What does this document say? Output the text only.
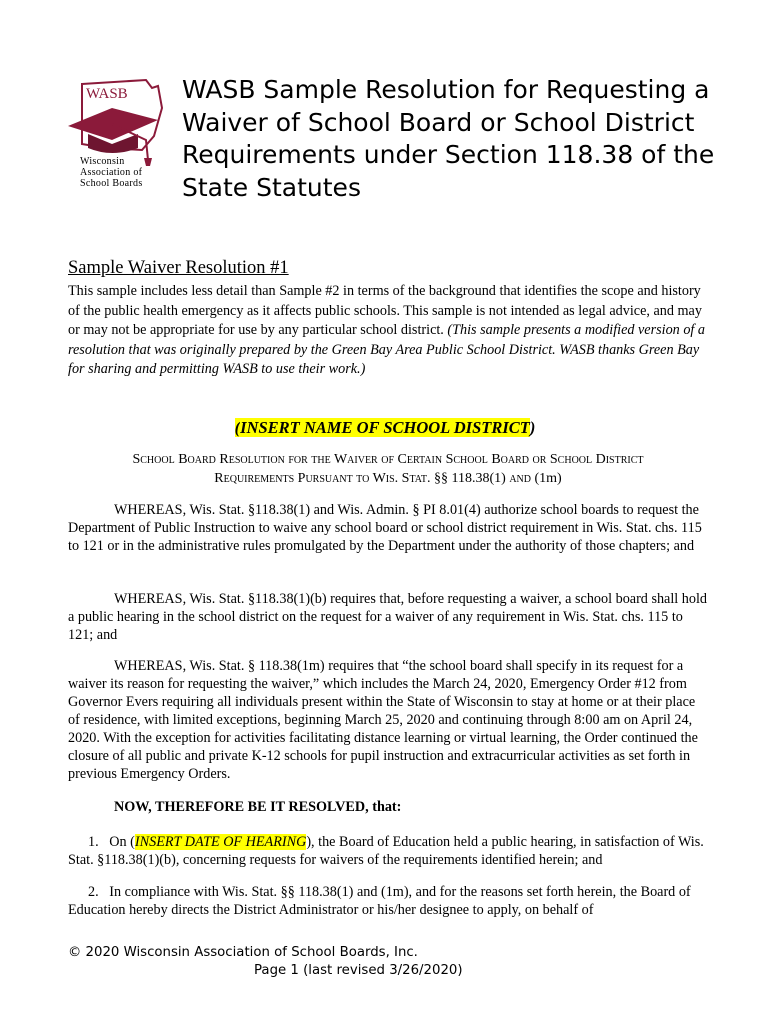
WASB
Wisconsin
Association of
School Boards
WASB Sample Resolution for Requesting a Waiver of School Board or School District Requirements under Section 118.38 of the State Statutes
Sample Waiver Resolution #1

This sample includes less detail than Sample #2 in terms of the background that identifies the scope and history of the public health emergency as it affects public schools. This sample is not intended as legal advice, and may or may not be appropriate for use by any particular school district. (This sample presents a modified version of a resolution that was originally prepared by the Green Bay Area Public School District. WASB thanks Green Bay for sharing and permitting WASB to use their work.)

(INSERT NAME OF SCHOOL DISTRICT)

School Board Resolution for the Waiver of Certain School Board or School District
Requirements Pursuant to Wis. Stat. §§ 118.38(1) and (1m)

WHEREAS, Wis. Stat. §118.38(1) and Wis. Admin. § PI 8.01(4) authorize school boards to request the Department of Public Instruction to waive any school board or school district requirement in Wis. Stat. chs. 115 to 121 or in the administrative rules promulgated by the Department under the authority of those chapters; and

WHEREAS, Wis. Stat. §118.38(1)(b) requires that, before requesting a waiver, a school board shall hold a public hearing in the school district on the request for a waiver of any requirement in Wis. Stat. chs. 115 to 121; and

WHEREAS, Wis. Stat. § 118.38(1m) requires that “the school board shall specify in its request for a waiver its reason for requesting the waiver,” which includes the March 24, 2020, Emergency Order #12 from Governor Evers requiring all individuals present within the State of Wisconsin to stay at home or at their place of residence, with limited exceptions, beginning March 25, 2020 and continuing through 8:00 am on April 24, 2020. With the exception for activities facilitating distance learning or virtual learning, the Order continued the closure of all public and private K-12 schools for pupil instruction and extracurricular activities as set forth in previous Emergency Orders.

NOW, THEREFORE BE IT RESOLVED, that:

1. On (INSERT DATE OF HEARING), the Board of Education held a public hearing, in satisfaction of Wis. Stat. §118.38(1)(b), concerning requests for waivers of the requirements identified herein; and

2. In compliance with Wis. Stat. §§ 118.38(1) and (1m), and for the reasons set forth herein, the Board of Education hereby directs the District Administrator or his/her designee to apply, on behalf of

© 2020 Wisconsin Association of School Boards, Inc.
Page 1 (last revised 3/26/2020)
